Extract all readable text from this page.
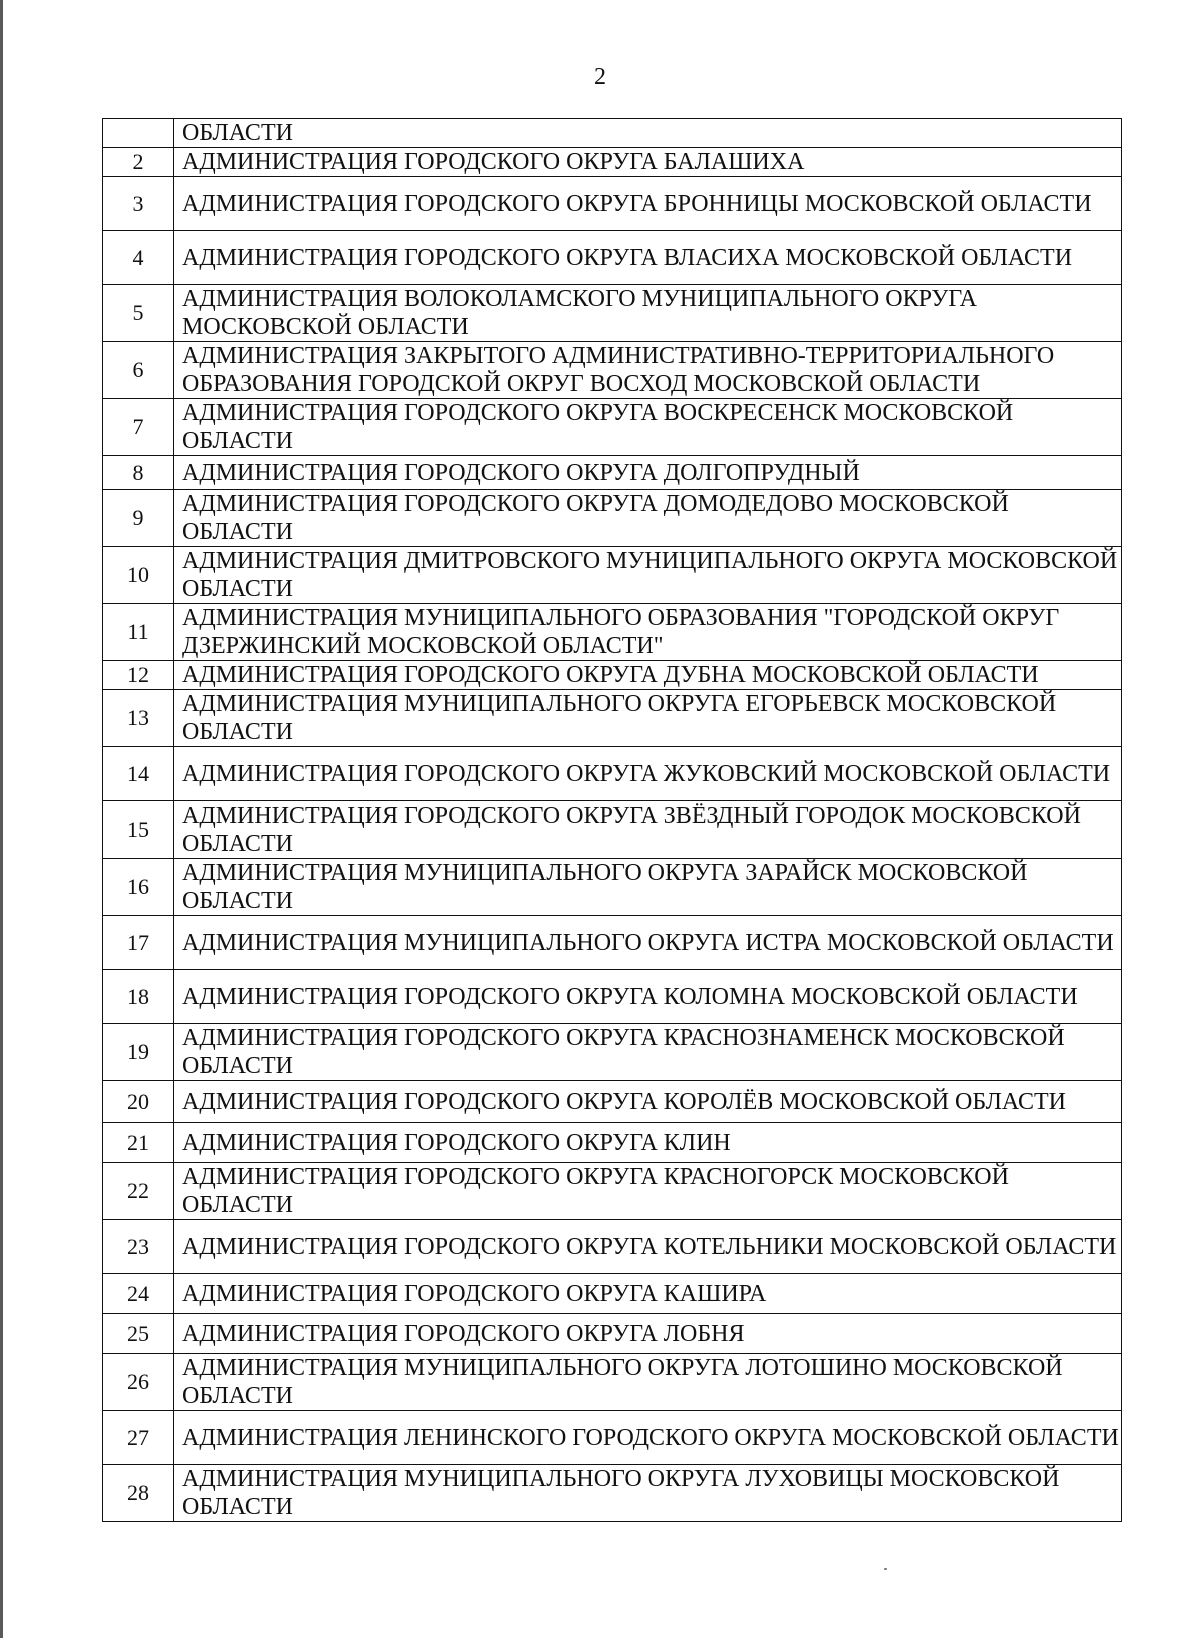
2
	ОБЛАСТИ
2	АДМИНИСТРАЦИЯ ГОРОДСКОГО ОКРУГА БАЛАШИХА
3	АДМИНИСТРАЦИЯ ГОРОДСКОГО ОКРУГА БРОННИЦЫ МОСКОВСКОЙ ОБЛАСТИ
4	АДМИНИСТРАЦИЯ ГОРОДСКОГО ОКРУГА ВЛАСИХА МОСКОВСКОЙ ОБЛАСТИ
5	АДМИНИСТРАЦИЯ ВОЛОКОЛАМСКОГО МУНИЦИПАЛЬНОГО ОКРУГА МОСКОВСКОЙ ОБЛАСТИ
6	АДМИНИСТРАЦИЯ ЗАКРЫТОГО АДМИНИСТРАТИВНО-ТЕРРИТОРИАЛЬНОГО ОБРАЗОВАНИЯ ГОРОДСКОЙ ОКРУГ ВОСХОД МОСКОВСКОЙ ОБЛАСТИ
7	АДМИНИСТРАЦИЯ ГОРОДСКОГО ОКРУГА ВОСКРЕСЕНСК МОСКОВСКОЙ ОБЛАСТИ
8	АДМИНИСТРАЦИЯ ГОРОДСКОГО ОКРУГА ДОЛГОПРУДНЫЙ
9	АДМИНИСТРАЦИЯ ГОРОДСКОГО ОКРУГА ДОМОДЕДОВО МОСКОВСКОЙ ОБЛАСТИ
10	АДМИНИСТРАЦИЯ ДМИТРОВСКОГО МУНИЦИПАЛЬНОГО ОКРУГА МОСКОВСКОЙ ОБЛАСТИ
11	АДМИНИСТРАЦИЯ МУНИЦИПАЛЬНОГО ОБРАЗОВАНИЯ "ГОРОДСКОЙ ОКРУГ ДЗЕРЖИНСКИЙ МОСКОВСКОЙ ОБЛАСТИ"
12	АДМИНИСТРАЦИЯ ГОРОДСКОГО ОКРУГА ДУБНА МОСКОВСКОЙ ОБЛАСТИ
13	АДМИНИСТРАЦИЯ МУНИЦИПАЛЬНОГО ОКРУГА ЕГОРЬЕВСК МОСКОВСКОЙ ОБЛАСТИ
14	АДМИНИСТРАЦИЯ ГОРОДСКОГО ОКРУГА ЖУКОВСКИЙ МОСКОВСКОЙ ОБЛАСТИ
15	АДМИНИСТРАЦИЯ ГОРОДСКОГО ОКРУГА ЗВЁЗДНЫЙ ГОРОДОК МОСКОВСКОЙ ОБЛАСТИ
16	АДМИНИСТРАЦИЯ МУНИЦИПАЛЬНОГО ОКРУГА ЗАРАЙСК МОСКОВСКОЙ ОБЛАСТИ
17	АДМИНИСТРАЦИЯ МУНИЦИПАЛЬНОГО ОКРУГА ИСТРА МОСКОВСКОЙ ОБЛАСТИ
18	АДМИНИСТРАЦИЯ ГОРОДСКОГО ОКРУГА КОЛОМНА МОСКОВСКОЙ ОБЛАСТИ
19	АДМИНИСТРАЦИЯ ГОРОДСКОГО ОКРУГА КРАСНОЗНАМЕНСК МОСКОВСКОЙ ОБЛАСТИ
20	АДМИНИСТРАЦИЯ ГОРОДСКОГО ОКРУГА КОРОЛЁВ МОСКОВСКОЙ ОБЛАСТИ
21	АДМИНИСТРАЦИЯ ГОРОДСКОГО ОКРУГА КЛИН
22	АДМИНИСТРАЦИЯ ГОРОДСКОГО ОКРУГА КРАСНОГОРСК МОСКОВСКОЙ ОБЛАСТИ
23	АДМИНИСТРАЦИЯ ГОРОДСКОГО ОКРУГА КОТЕЛЬНИКИ МОСКОВСКОЙ ОБЛАСТИ
24	АДМИНИСТРАЦИЯ ГОРОДСКОГО ОКРУГА КАШИРА
25	АДМИНИСТРАЦИЯ ГОРОДСКОГО ОКРУГА ЛОБНЯ
26	АДМИНИСТРАЦИЯ МУНИЦИПАЛЬНОГО ОКРУГА ЛОТОШИНО МОСКОВСКОЙ ОБЛАСТИ
27	АДМИНИСТРАЦИЯ ЛЕНИНСКОГО ГОРОДСКОГО ОКРУГА МОСКОВСКОЙ ОБЛАСТИ
28	АДМИНИСТРАЦИЯ МУНИЦИПАЛЬНОГО ОКРУГА ЛУХОВИЦЫ МОСКОВСКОЙ ОБЛАСТИ
